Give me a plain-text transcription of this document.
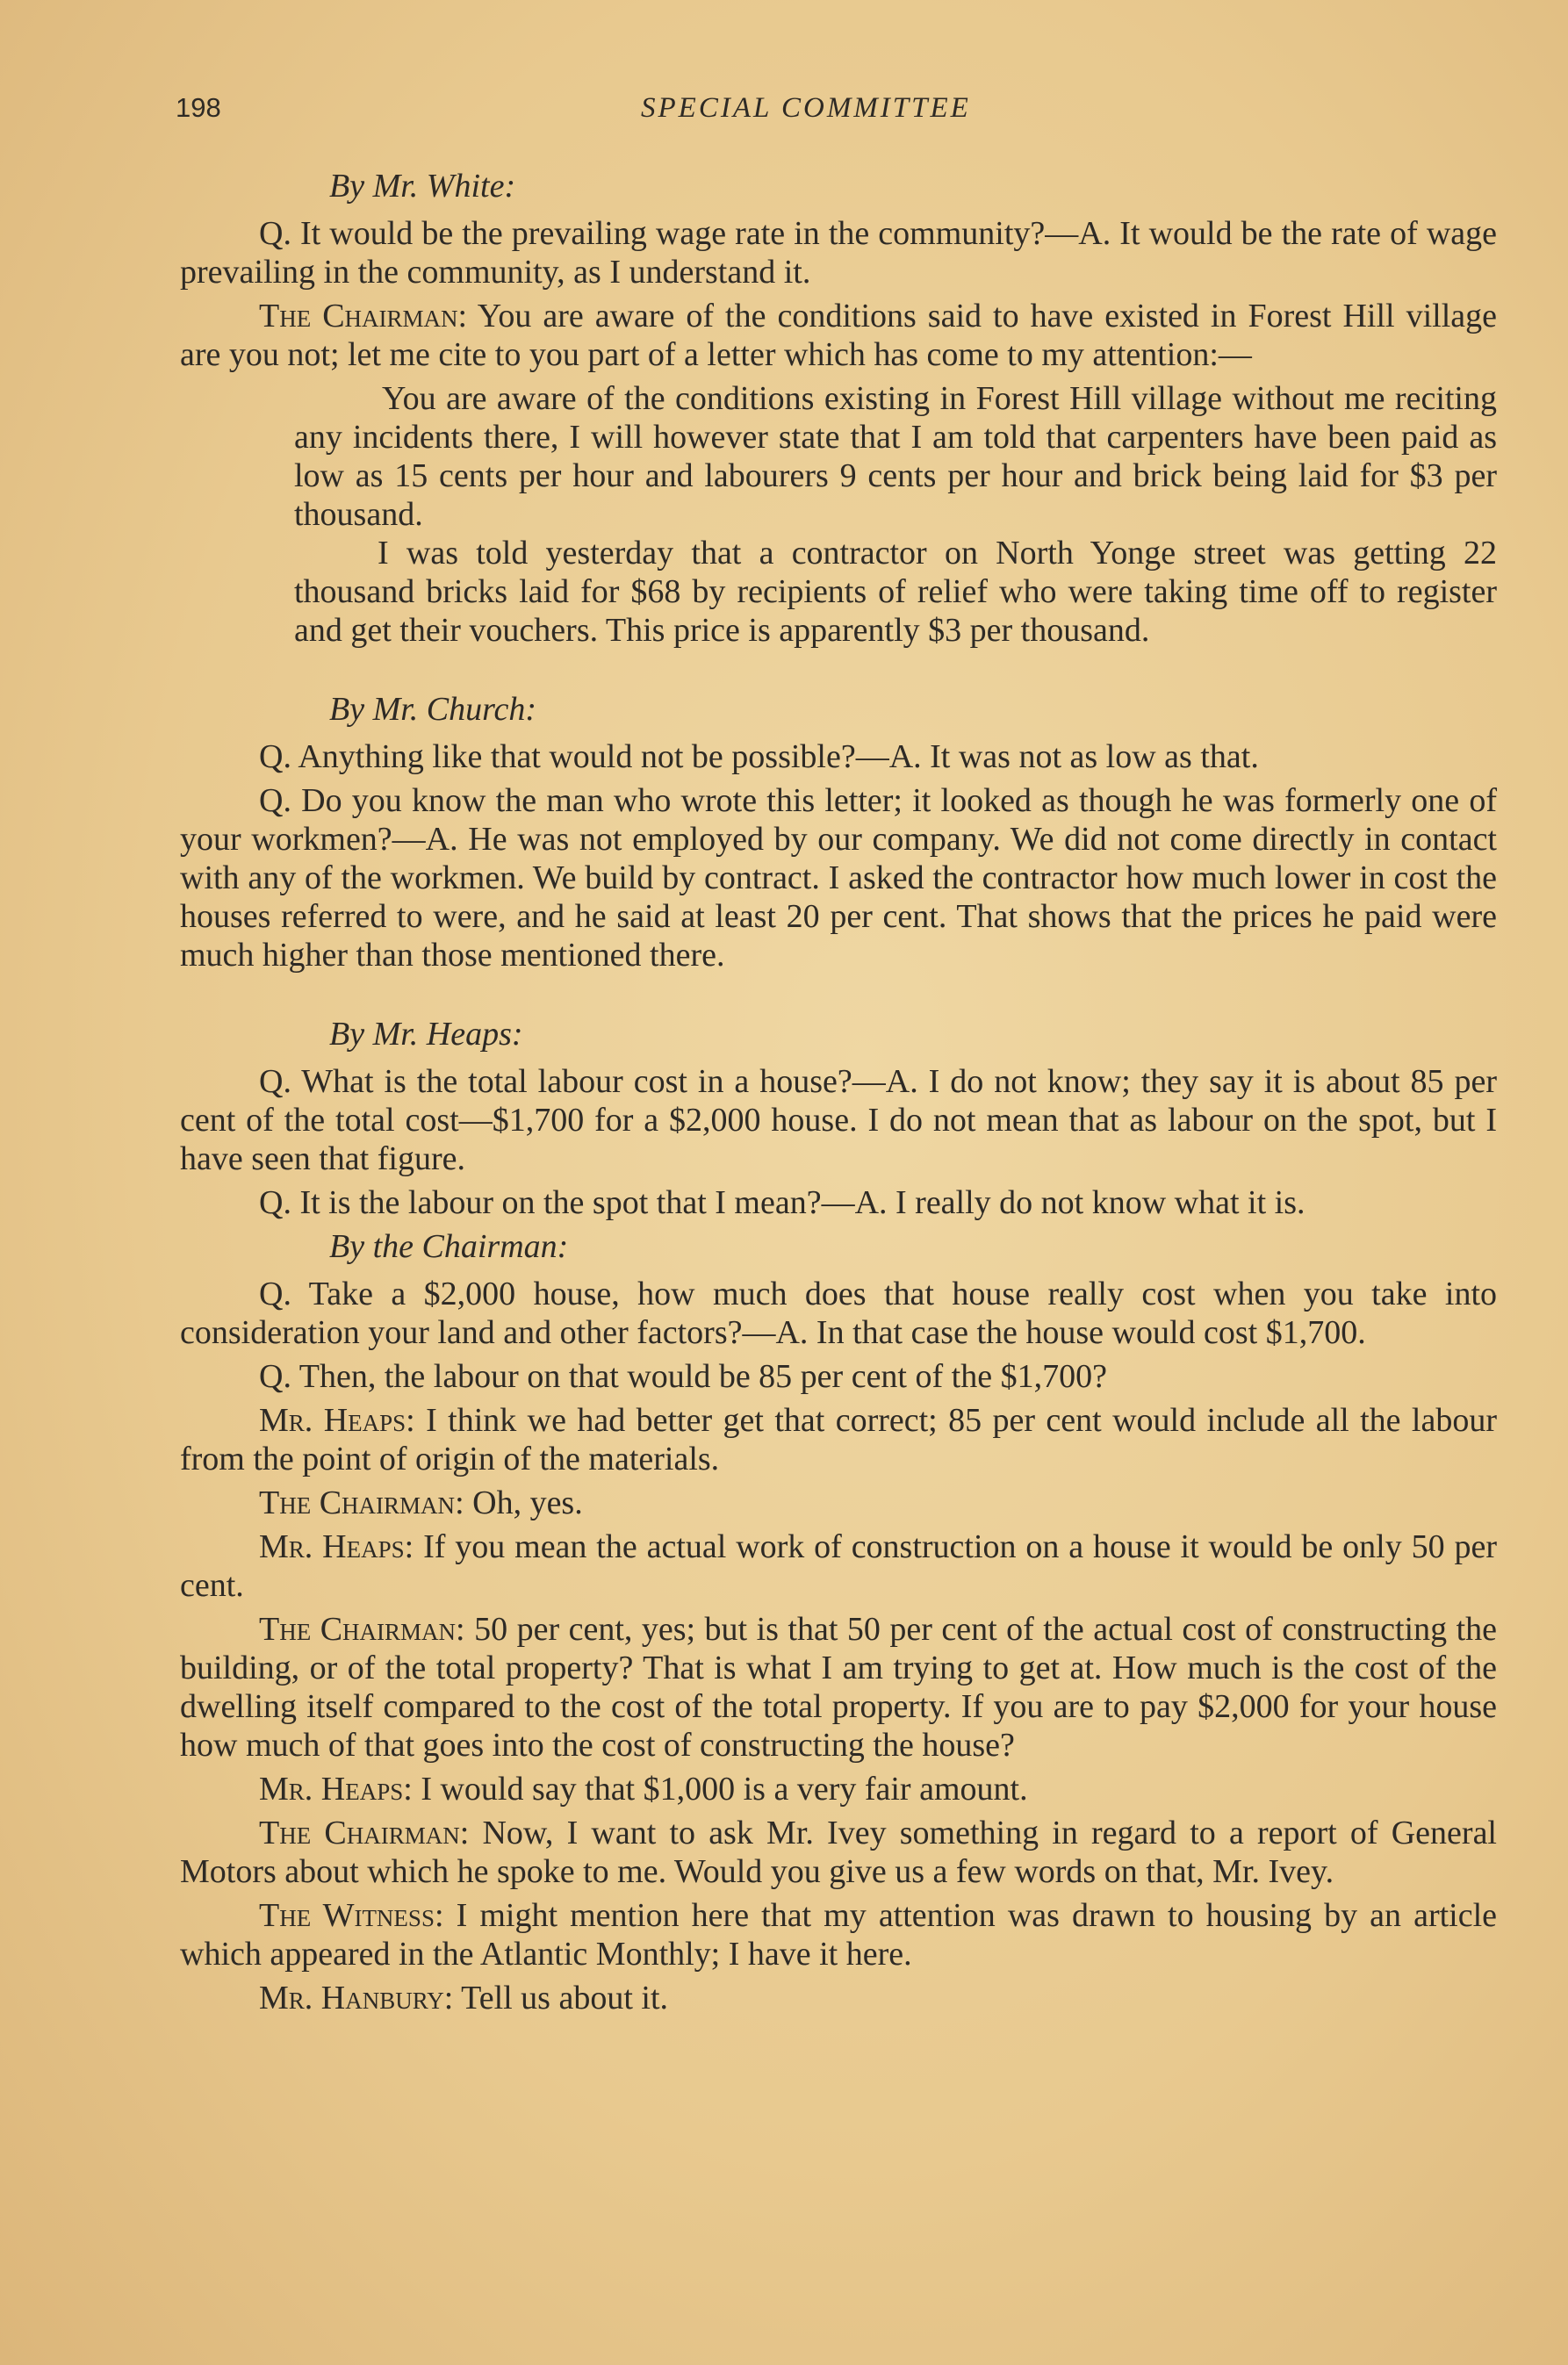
198	SPECIAL COMMITTEE

By Mr. White:

Q. It would be the prevailing wage rate in the community?—A. It would be the rate of wage prevailing in the community, as I understand it.

The Chairman: You are aware of the conditions said to have existed in Forest Hill village are you not; let me cite to you part of a letter which has come to my attention:—

You are aware of the conditions existing in Forest Hill village without me reciting any incidents there, I will however state that I am told that carpenters have been paid as low as 15 cents per hour and labourers 9 cents per hour and brick being laid for $3 per thousand.

I was told yesterday that a contractor on North Yonge street was getting 22 thousand bricks laid for $68 by recipients of relief who were taking time off to register and get their vouchers. This price is apparently $3 per thousand.

By Mr. Church:

Q. Anything like that would not be possible?—A. It was not as low as that.

Q. Do you know the man who wrote this letter; it looked as though he was formerly one of your workmen?—A. He was not employed by our company. We did not come directly in contact with any of the workmen. We build by contract. I asked the contractor how much lower in cost the houses referred to were, and he said at least 20 per cent. That shows that the prices he paid were much higher than those mentioned there.

By Mr. Heaps:

Q. What is the total labour cost in a house?—A. I do not know; they say it is about 85 per cent of the total cost—$1,700 for a $2,000 house. I do not mean that as labour on the spot, but I have seen that figure.

Q. It is the labour on the spot that I mean?—A. I really do not know what it is.

By the Chairman:

Q. Take a $2,000 house, how much does that house really cost when you take into consideration your land and other factors?—A. In that case the house would cost $1,700.

Q. Then, the labour on that would be 85 per cent of the $1,700?

Mr. Heaps: I think we had better get that correct; 85 per cent would include all the labour from the point of origin of the materials.

The Chairman: Oh, yes.

Mr. Heaps: If you mean the actual work of construction on a house it would be only 50 per cent.

The Chairman: 50 per cent, yes; but is that 50 per cent of the actual cost of constructing the building, or of the total property? That is what I am trying to get at. How much is the cost of the dwelling itself compared to the cost of the total property. If you are to pay $2,000 for your house how much of that goes into the cost of constructing the house?

Mr. Heaps: I would say that $1,000 is a very fair amount.

The Chairman: Now, I want to ask Mr. Ivey something in regard to a report of General Motors about which he spoke to me. Would you give us a few words on that, Mr. Ivey.

The Witness: I might mention here that my attention was drawn to housing by an article which appeared in the Atlantic Monthly; I have it here.

Mr. Hanbury: Tell us about it.
